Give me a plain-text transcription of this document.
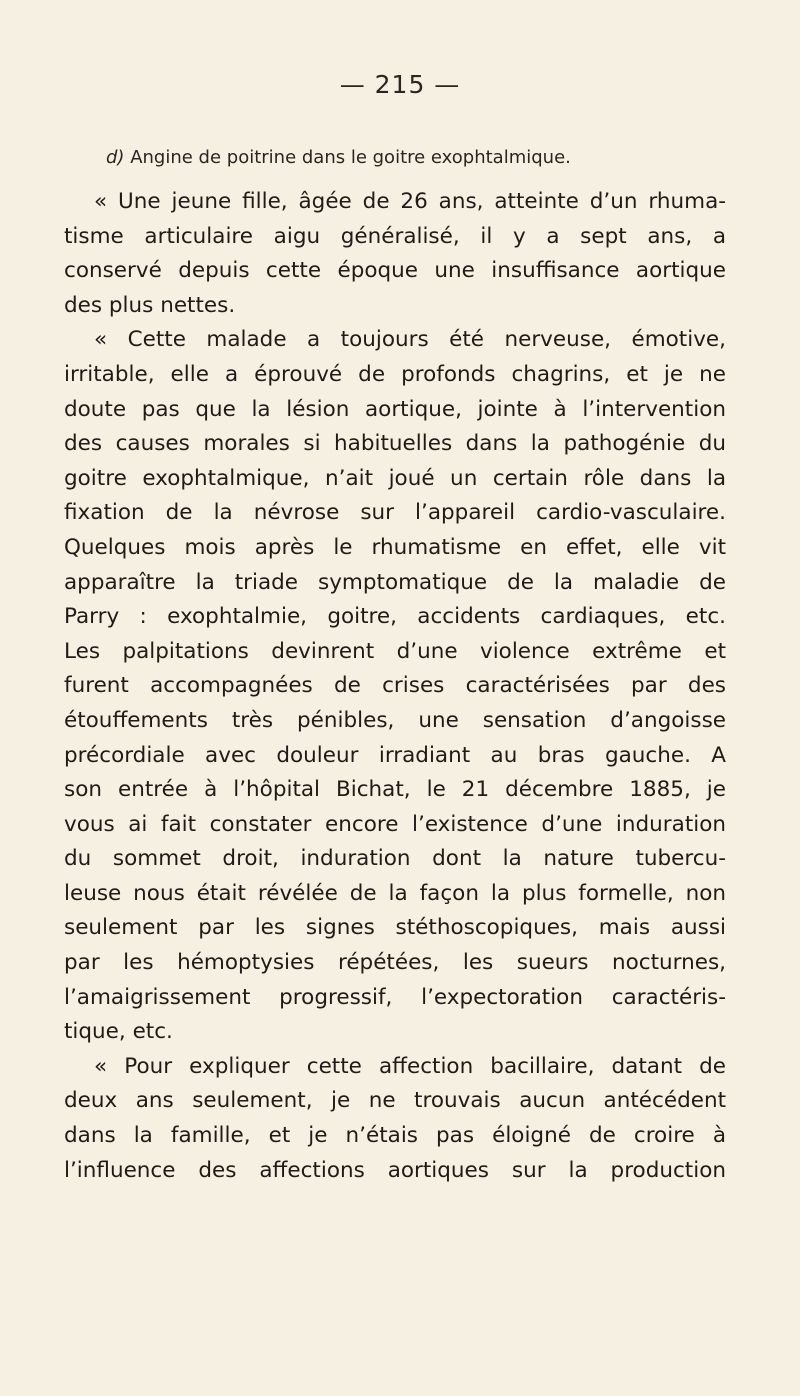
— 215 —
d) Angine de poitrine dans le goitre exophtalmique.
« Une jeune fille, âgée de 26 ans, atteinte d’un rhuma-
tisme articulaire aigu généralisé, il y a sept ans, a
conservé depuis cette époque une insuffisance aortique
des plus nettes.
« Cette malade a toujours été nerveuse, émotive,
irritable, elle a éprouvé de profonds chagrins, et je ne
doute pas que la lésion aortique, jointe à l’intervention
des causes morales si habituelles dans la pathogénie du
goitre exophtalmique, n’ait joué un certain rôle dans la
fixation de la névrose sur l’appareil cardio-vasculaire.
Quelques mois après le rhumatisme en effet, elle vit
apparaître la triade symptomatique de la maladie de
Parry : exophtalmie, goitre, accidents cardiaques, etc.
Les palpitations devinrent d’une violence extrême et
furent accompagnées de crises caractérisées par des
étouffements très pénibles, une sensation d’angoisse
précordiale avec douleur irradiant au bras gauche. A
son entrée à l’hôpital Bichat, le 21 décembre 1885, je
vous ai fait constater encore l’existence d’une induration
du sommet droit, induration dont la nature tubercu-
leuse nous était révélée de la façon la plus formelle, non
seulement par les signes stéthoscopiques, mais aussi
par les hémoptysies répétées, les sueurs nocturnes,
l’amaigrissement progressif, l’expectoration caractéris-
tique, etc.
« Pour expliquer cette affection bacillaire, datant de
deux ans seulement, je ne trouvais aucun antécédent
dans la famille, et je n’étais pas éloigné de croire à
l’influence des affections aortiques sur la production
